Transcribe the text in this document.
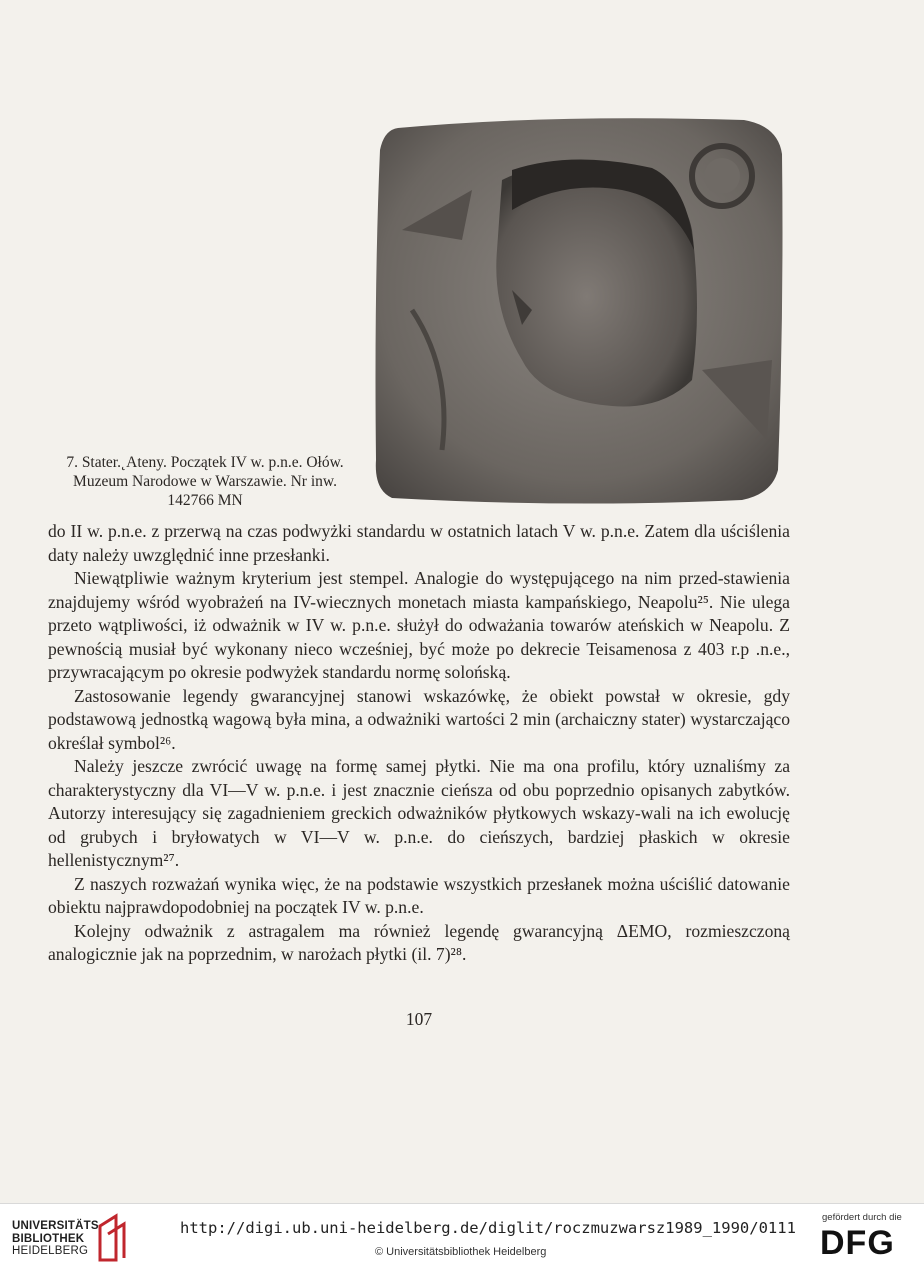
7. Stater.˛Ateny. Początek IV w. p.n.e. Ołów.
Muzeum Narodowe w Warszawie. Nr inw.
142766 MN

do II w. p.n.e. z przerwą na czas podwyżki standardu w ostatnich latach V w. p.n.e. Zatem dla uściślenia daty należy uwzględnić inne przesłanki.

Niewątpliwie ważnym kryterium jest stempel. Analogie do występującego na nim przed-stawienia znajdujemy wśród wyobrażeń na IV-wiecznych monetach miasta kampańskiego, Neapolu²⁵. Nie ulega przeto wątpliwości, iż odważnik w IV w. p.n.e. służył do odważania towarów ateńskich w Neapolu. Z pewnością musiał być wykonany nieco wcześniej, być może po dekrecie Teisamenosa z 403 r.p .n.e., przywracającym po okresie podwyżek standardu normę solońską.

Zastosowanie legendy gwarancyjnej stanowi wskazówkę, że obiekt powstał w okresie, gdy podstawową jednostką wagową była mina, a odważniki wartości 2 min (archaiczny stater) wystarczająco określał symbol²⁶.

Należy jeszcze zwrócić uwagę na formę samej płytki. Nie ma ona profilu, który uznaliśmy za charakterystyczny dla VI—V w. p.n.e. i jest znacznie cieńsza od obu poprzednio opisanych zabytków. Autorzy interesujący się zagadnieniem greckich odważników płytkowych wskazy-wali na ich ewolucję od grubych i bryłowatych w VI—V w. p.n.e. do cieńszych, bardziej płaskich w okresie hellenistycznym²⁷.

Z naszych rozważań wynika więc, że na podstawie wszystkich przesłanek można uściślić datowanie obiektu najprawdopodobniej na początek IV w. p.n.e.

Kolejny odważnik z astragalem ma również legendę gwarancyjną ΔEMO, rozmieszczoną analogicznie jak na poprzednim, w narożach płytki (il. 7)²⁸.

107
UNIVERSITÄTS-
BIBLIOTHEK
HEIDELBERG
http://digi.ub.uni-heidelberg.de/diglit/roczmuzwarsz1989_1990/0111
© Universitätsbibliothek Heidelberg
gefördert durch die
DFG
